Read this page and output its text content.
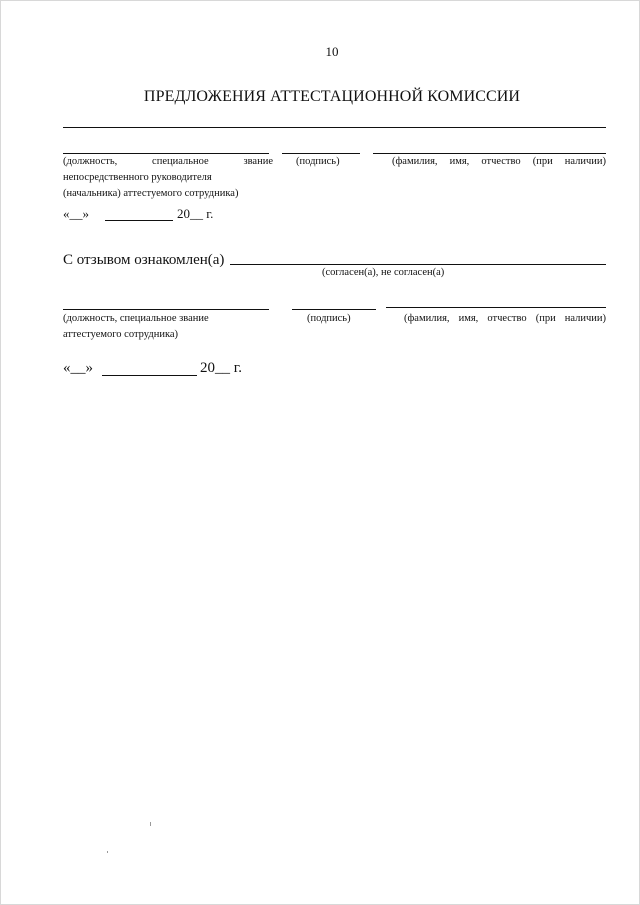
10
ПРЕДЛОЖЕНИЯ АТТЕСТАЦИОННОЙ КОМИССИИ
(должность, специальное звание
непосредственного руководителя
(начальника) аттестуемого сотрудника)
(подпись)	(фамилия, имя, отчество (при наличии)
«__»	20__ г.
С отзывом ознакомлен(а)
(согласен(а), не согласен(а)
(должность, специальное звание
аттестуемого сотрудника)
(подпись)	(фамилия, имя, отчество (при наличии)
«__»	20__ г.
